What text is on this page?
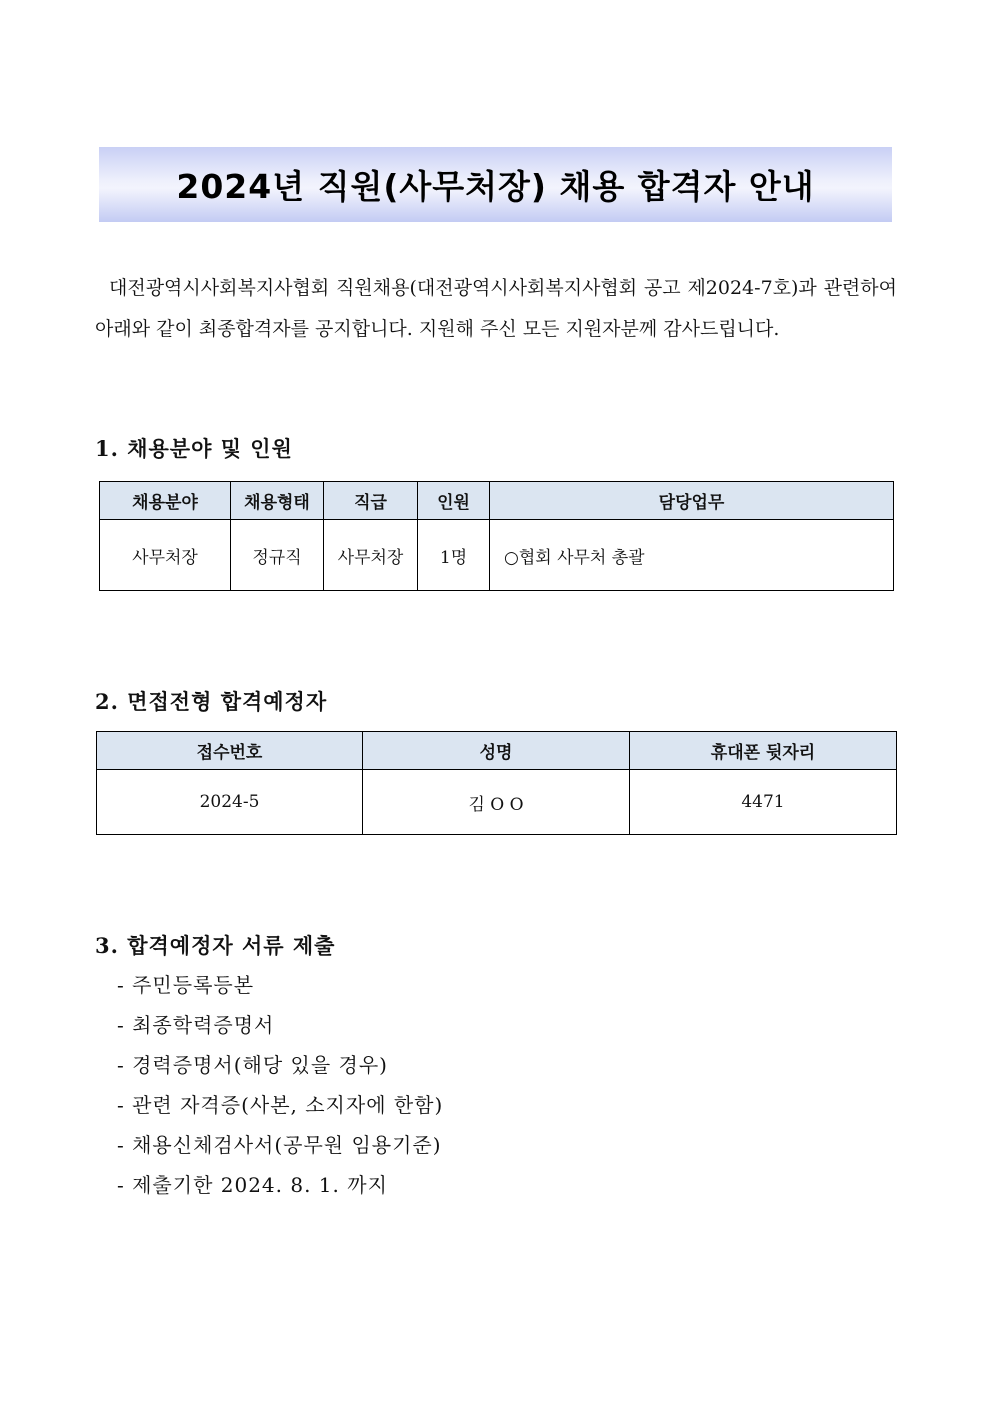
2024년 직원(사무처장) 채용 합격자 안내

대전광역시사회복지사협회 직원채용(대전광역시사회복지사협회 공고 제2024-7호)과 관련하여 아래와 같이 최종합격자를 공지합니다. 지원해 주신 모든 지원자분께 감사드립니다.

1. 채용분야 및 인원
채용분야	채용형태	직급	인원	담당업무
사무처장	정규직	사무처장	1명	○협회 사무처 총괄
2. 면접전형 합격예정자
접수번호	성명	휴대폰 뒷자리
2024-5	김 O O	4471
3. 합격예정자 서류 제출
- 주민등록등본
- 최종학력증명서
- 경력증명서(해당 있을 경우)
- 관련 자격증(사본, 소지자에 한함)
- 채용신체검사서(공무원 임용기준)
- 제출기한 2024. 8. 1. 까지
